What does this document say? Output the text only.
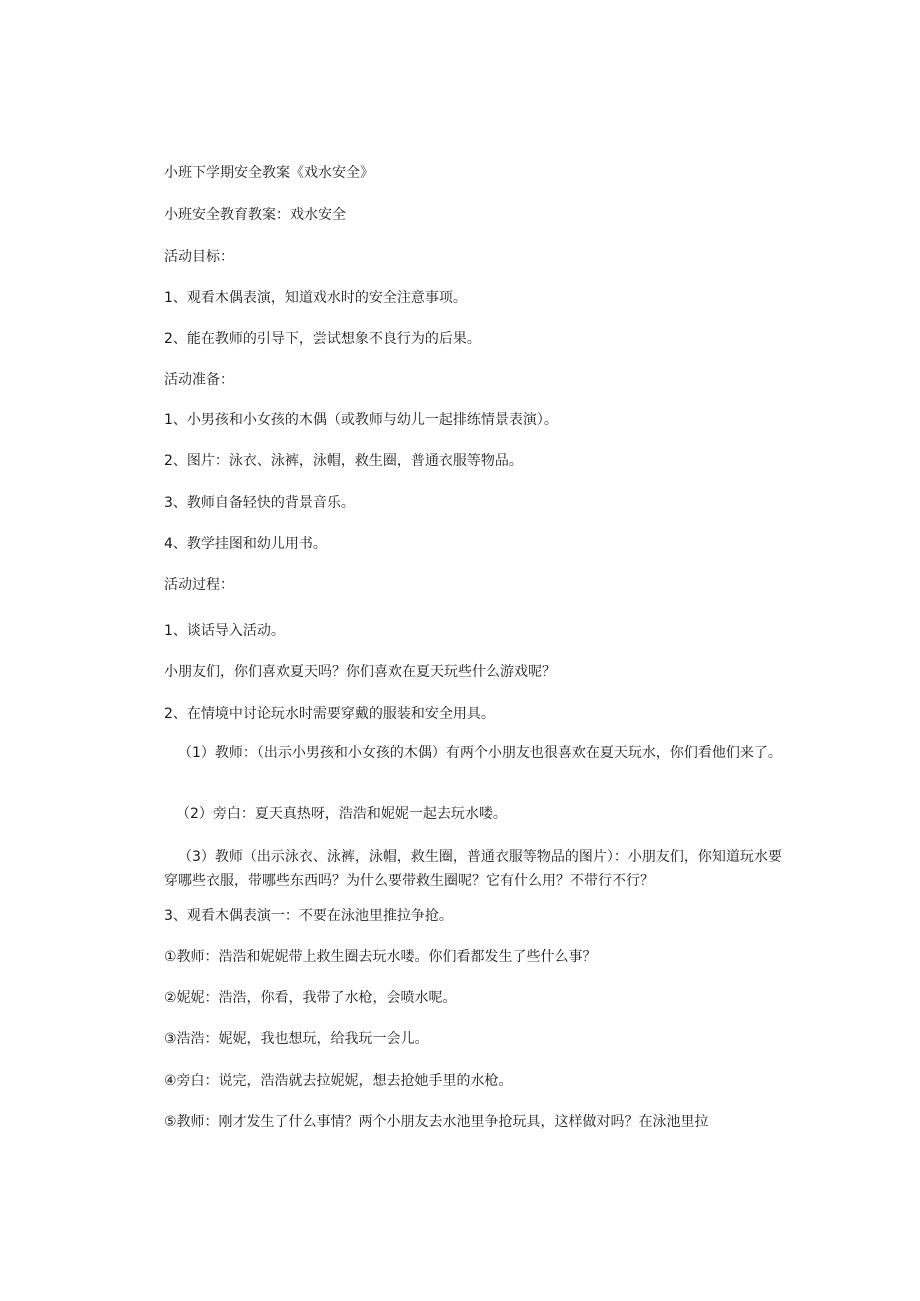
小班下学期安全教案《戏水安全》

小班安全教育教案：戏水安全

活动目标：

1、观看木偶表演，知道戏水时的安全注意事项。

2、能在教师的引导下，尝试想象不良行为的后果。

活动准备：

1、小男孩和小女孩的木偶（或教师与幼儿一起排练情景表演）。

2、图片：泳衣、泳裤，泳帽，救生圈，普通衣服等物品。

3、教师自备轻快的背景音乐。

4、教学挂图和幼儿用书。

活动过程：

1、谈话导入活动。

小朋友们，你们喜欢夏天吗？你们喜欢在夏天玩些什么游戏呢？

2、在情境中讨论玩水时需要穿戴的服装和安全用具。

（1）教师：（出示小男孩和小女孩的木偶）有两个小朋友也很喜欢在夏天玩水，你们看他们来了。

（2）旁白：夏天真热呀，浩浩和妮妮一起去玩水喽。

（3）教师（出示泳衣、泳裤，泳帽，救生圈，普通衣服等物品的图片）：小朋友们，你知道玩水要穿哪些衣服，带哪些东西吗？为什么要带救生圈呢？它有什么用？不带行不行？

3、观看木偶表演一：不要在泳池里推拉争抢。

①教师：浩浩和妮妮带上救生圈去玩水喽。你们看都发生了些什么事？

②妮妮：浩浩，你看，我带了水枪，会喷水呢。

③浩浩：妮妮，我也想玩，给我玩一会儿。

④旁白：说完，浩浩就去拉妮妮，想去抢她手里的水枪。

⑤教师：刚才发生了什么事情？两个小朋友去水池里争抢玩具，这样做对吗？在泳池里拉
